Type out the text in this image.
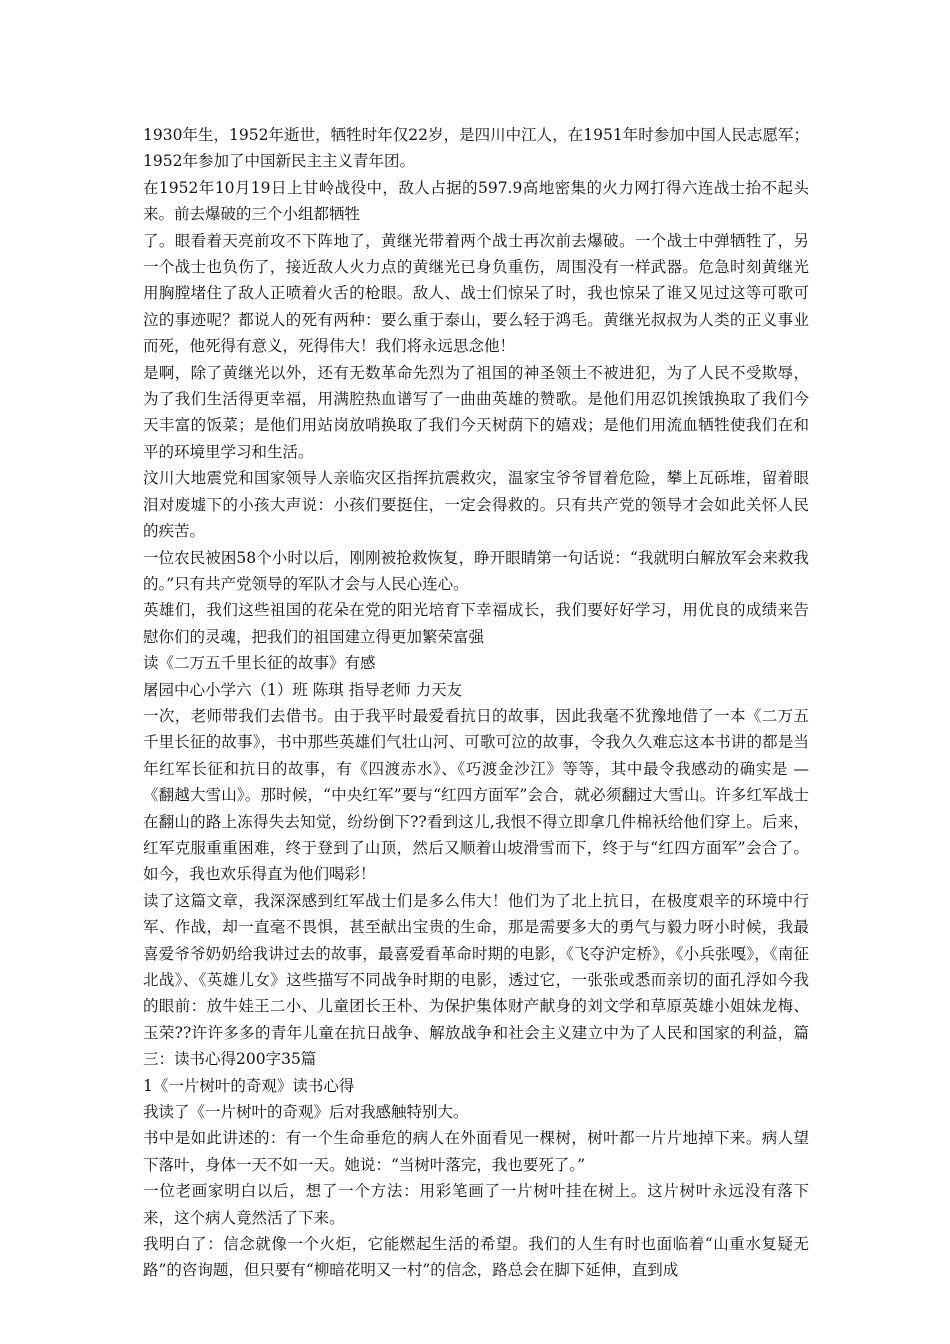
1930年生，1952年逝世，牺牲时年仅22岁，是四川中江人，在1951年时参加中国人民志愿军；1952年参加了中国新民主主义青年团。

在1952年10月19日上甘岭战役中，敌人占据的597.9高地密集的火力网打得六连战士抬不起头来。前去爆破的三个小组都牺牲

了。眼看着天亮前攻不下阵地了，黄继光带着两个战士再次前去爆破。一个战士中弹牺牲了，另一个战士也负伤了，接近敌人火力点的黄继光已身负重伤，周围没有一样武器。危急时刻黄继光用胸膛堵住了敌人正喷着火舌的枪眼。敌人、战士们惊呆了时，我也惊呆了谁又见过这等可歌可泣的事迹呢？都说人的死有两种：要么重于泰山，要么轻于鸿毛。黄继光叔叔为人类的正义事业而死，他死得有意义，死得伟大！我们将永远思念他！

是啊，除了黄继光以外，还有无数革命先烈为了祖国的神圣领土不被进犯，为了人民不受欺辱，为了我们生活得更幸福，用满腔热血谱写了一曲曲英雄的赞歌。是他们用忍饥挨饿换取了我们今天丰富的饭菜；是他们用站岗放哨换取了我们今天树荫下的嬉戏；是他们用流血牺牲使我们在和平的环境里学习和生活。

汶川大地震党和国家领导人亲临灾区指挥抗震救灾，温家宝爷爷冒着危险，攀上瓦砾堆，留着眼泪对废墟下的小孩大声说：小孩们要挺住，一定会得救的。只有共产党的领导才会如此关怀人民的疾苦。

一位农民被困58个小时以后，刚刚被抢救恢复，睁开眼睛第一句话说：“我就明白解放军会来救我的。”只有共产党领导的军队才会与人民心连心。

英雄们，我们这些祖国的花朵在党的阳光培育下幸福成长，我们要好好学习，用优良的成绩来告慰你们的灵魂，把我们的祖国建立得更加繁荣富强

读《二万五千里长征的故事》有感

屠园中心小学六（1）班 陈琪 指导老师 力天友

一次，老师带我们去借书。由于我平时最爱看抗日的故事，因此我毫不犹豫地借了一本《二万五千里长征的故事》，书中那些英雄们气壮山河、可歌可泣的故事，令我久久难忘这本书讲的都是当年红军长征和抗日的故事，有《四渡赤水》、《巧渡金沙江》等等，其中最令我感动的确实是 —《翻越大雪山》。那时候，“中央红军”要与“红四方面军”会合，就必须翻过大雪山。许多红军战士在翻山的路上冻得失去知觉，纷纷倒下??看到这儿,我恨不得立即拿几件棉袄给他们穿上。后来，红军克服重重困难，终于登到了山顶，然后又顺着山坡滑雪而下，终于与“红四方面军”会合了。如今，我也欢乐得直为他们喝彩！

读了这篇文章，我深深感到红军战士们是多么伟大！他们为了北上抗日，在极度艰辛的环境中行军、作战，却一直毫不畏惧，甚至献出宝贵的生命，那是需要多大的勇气与毅力呀小时候，我最喜爱爷爷奶奶给我讲过去的故事，最喜爱看革命时期的电影，《飞夺沪定桥》，《小兵张嘎》，《南征北战》、《英雄儿女》这些描写不同战争时期的电影，透过它，一张张或悉而亲切的面孔浮如今我的眼前：放牛娃王二小、儿童团长王朴、为保护集体财产献身的刘文学和草原英雄小姐妹龙梅、玉荣??许许多多的青年儿童在抗日战争、解放战争和社会主义建立中为了人民和国家的利益，篇三：读书心得200字35篇

1《一片树叶的奇观》读书心得

我读了《一片树叶的奇观》后对我感触特别大。

书中是如此讲述的：有一个生命垂危的病人在外面看见一棵树，树叶都一片片地掉下来。病人望下落叶，身体一天不如一天。她说：“当树叶落完，我也要死了。”

一位老画家明白以后，想了一个方法：用彩笔画了一片树叶挂在树上。这片树叶永远没有落下来，这个病人竟然活了下来。

我明白了：信念就像一个火炬，它能燃起生活的希望。我们的人生有时也面临着“山重水复疑无路”的咨询题，但只要有“柳暗花明又一村”的信念，路总会在脚下延伸，直到成
